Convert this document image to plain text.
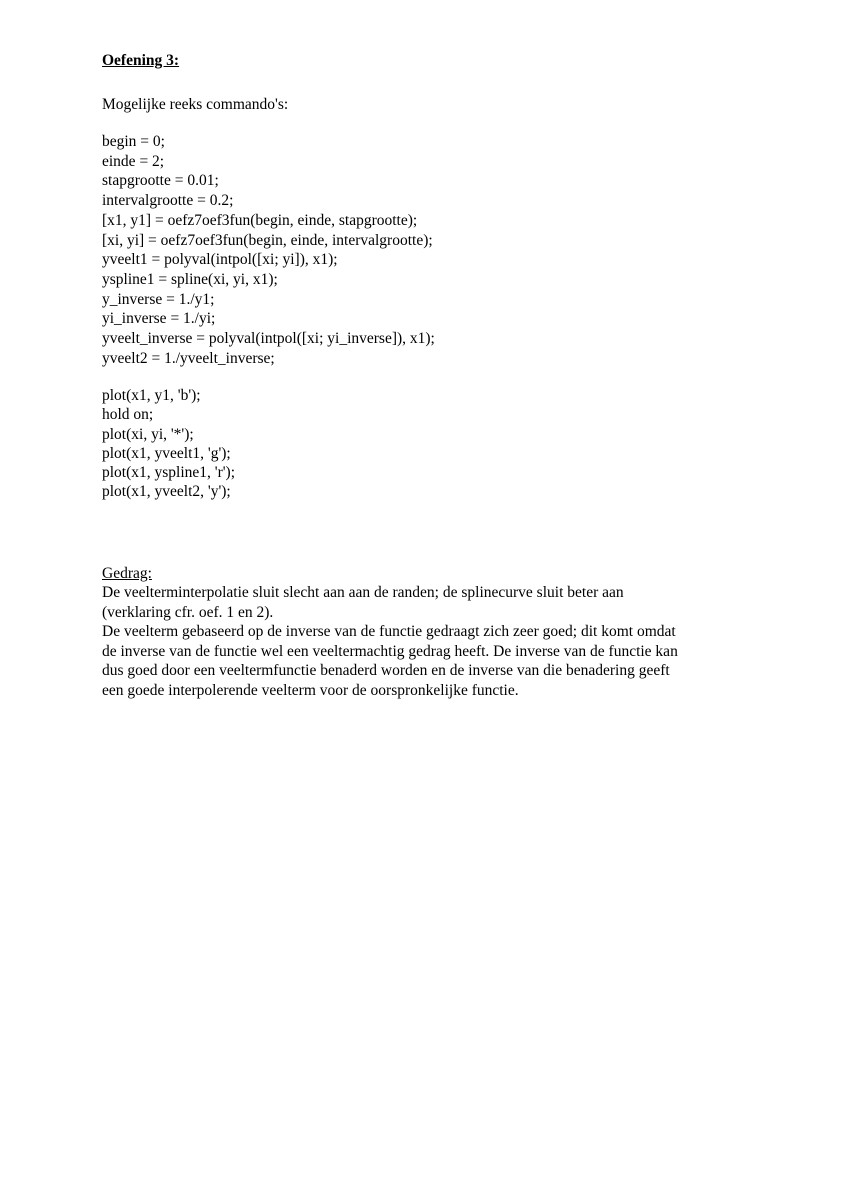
Oefening 3:

Mogelijke reeks commando's:

begin = 0;
einde = 2;
stapgrootte = 0.01;
intervalgrootte = 0.2;
[x1, y1] = oefz7oef3fun(begin, einde, stapgrootte);
[xi, yi] = oefz7oef3fun(begin, einde, intervalgrootte);
yveelt1 = polyval(intpol([xi; yi]), x1);
yspline1 = spline(xi, yi, x1);
y_inverse = 1./y1;
yi_inverse = 1./yi;
yveelt_inverse = polyval(intpol([xi; yi_inverse]), x1);
yveelt2 = 1./yveelt_inverse;
plot(x1, y1, 'b');
hold on;
plot(xi, yi, '*');
plot(x1, yveelt1, 'g');
plot(x1, yspline1, 'r');
plot(x1, yveelt2, 'y');

Gedrag:

De veelterminterpolatie sluit slecht aan aan de randen; de splinecurve sluit beter aan
(verklaring cfr. oef. 1 en 2).
De veelterm gebaseerd op de inverse van de functie gedraagt zich zeer goed; dit komt omdat
de inverse van de functie wel een veeltermachtig gedrag heeft. De inverse van de functie kan
dus goed door een veeltermfunctie benaderd worden en de inverse van die benadering geeft
een goede interpolerende veelterm voor de oorspronkelijke functie.
